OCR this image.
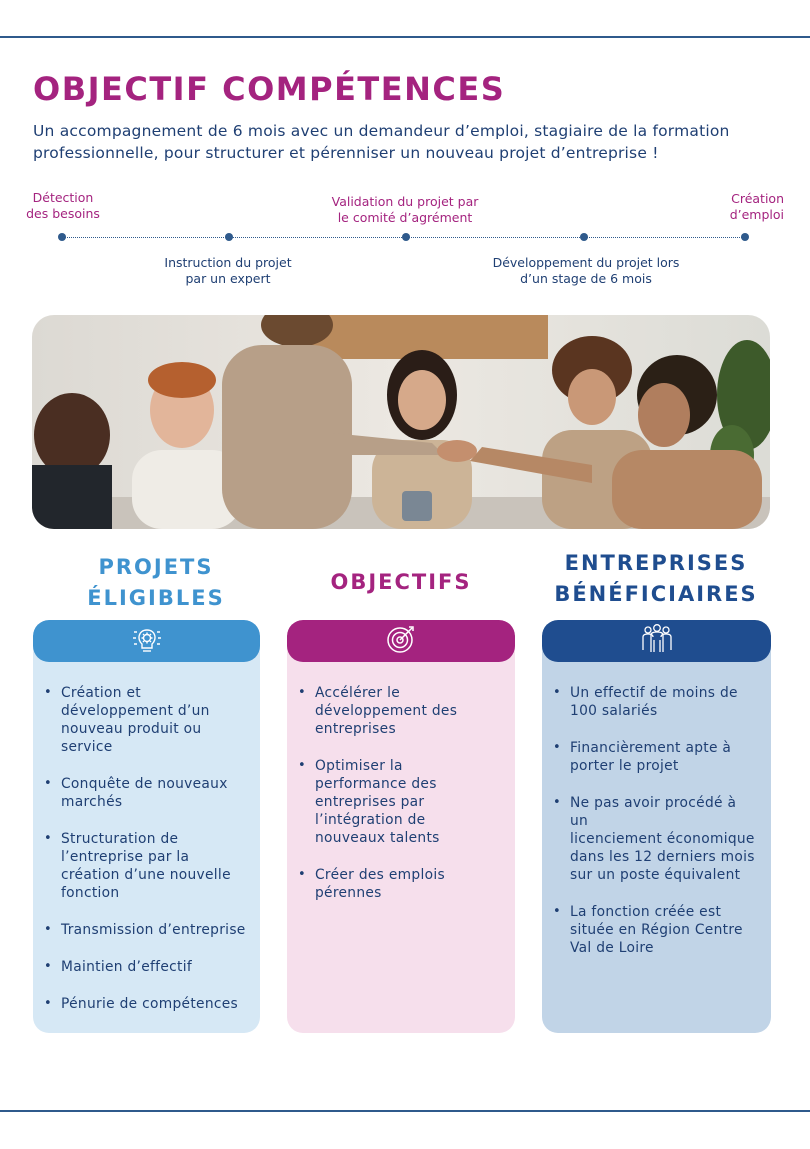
OBJECTIF COMPÉTENCES
Un accompagnement de 6 mois avec un demandeur d’emploi, stagiaire de la formation professionnelle, pour structurer et pérenniser un nouveau projet d’entreprise !
Détection
des besoins
Instruction du projet
par un expert
Validation du projet par
le comité d’agrément
Développement du projet lors
d’un stage de 6 mois
Création
d’emploi
PROJETS
ÉLIGIBLES
OBJECTIFS
ENTREPRISES
BÉNÉFICIAIRES
• Création et
développement d’un
nouveau produit ou
service
• Conquête de nouveaux
marchés
• Structuration de
l’entreprise par la
création d’une nouvelle
fonction
• Transmission d’entreprise
• Maintien d’effectif
• Pénurie de compétences
• Accélérer le
développement des
entreprises
• Optimiser la
performance des
entreprises par
l’intégration de
nouveaux talents
• Créer des emplois
pérennes
• Un effectif de moins de
100 salariés
• Financièrement apte à
porter le projet
• Ne pas avoir procédé à un
licenciement économique
dans les 12 derniers mois
sur un poste équivalent
• La fonction créée est
située en Région Centre
Val de Loire
